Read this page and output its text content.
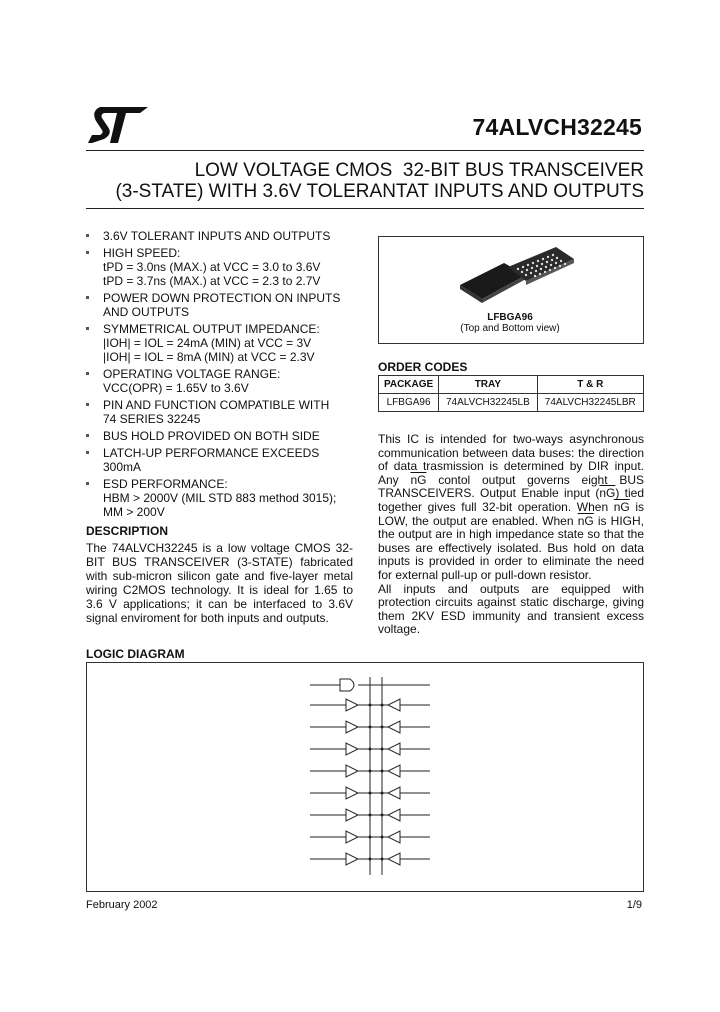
74ALVCH32245
LOW VOLTAGE CMOS  32-BIT BUS TRANSCEIVER
(3-STATE) WITH 3.6V TOLERANTAT INPUTS AND OUTPUTS
3.6V TOLERANT INPUTS AND OUTPUTS
HIGH SPEED:
tPD = 3.0ns (MAX.) at VCC = 3.0 to 3.6V
tPD = 3.7ns (MAX.) at VCC = 2.3 to 2.7V
POWER DOWN PROTECTION ON INPUTS
AND OUTPUTS
SYMMETRICAL OUTPUT IMPEDANCE:
|IOH| = IOL = 24mA (MIN) at VCC = 3V
|IOH| = IOL = 8mA (MIN) at VCC = 2.3V
OPERATING VOLTAGE RANGE:
VCC(OPR) = 1.65V to 3.6V
PIN AND FUNCTION COMPATIBLE WITH
74 SERIES 32245
BUS HOLD PROVIDED ON BOTH SIDE
LATCH-UP PERFORMANCE EXCEEDS
300mA
ESD PERFORMANCE:
HBM > 2000V (MIL STD 883 method 3015);
MM > 200V
DESCRIPTION
The 74ALVCH32245 is a low voltage CMOS 32-BIT BUS TRANSCEIVER (3-STATE) fabricated with sub-micron silicon gate and five-layer metal wiring C2MOS technology. It is ideal for 1.65 to 3.6 V applications; it can be interfaced to 3.6V signal enviroment for both inputs and outputs.
LFBGA96
(Top and Bottom view)
ORDER CODES
PACKAGE	TRAY	T & R
LFBGA96	74ALVCH32245LB	74ALVCH32245LBR
This IC is intended for two-ways asynchronous communication between data buses: the direction of data trasmission is determined by DIR input. Any $\overline{nG}$ contol output governs eight BUS TRANSCEIVERS. Output Enable input $(\overline{nG})$ tied together gives full 32-bit operation. When $\overline{nG}$ is LOW, the output are enabled. When $\overline{nG}$ is HIGH, the output are in high impedance state so that the buses are effectively isolated. Bus hold on data inputs is provided in order to eliminate the need for external pull-up or pull-down resistor.
All inputs and outputs are equipped with protection circuits against static discharge, giving them 2KV ESD immunity and transient excess voltage.
LOGIC DIAGRAM
February 2002	1/9
